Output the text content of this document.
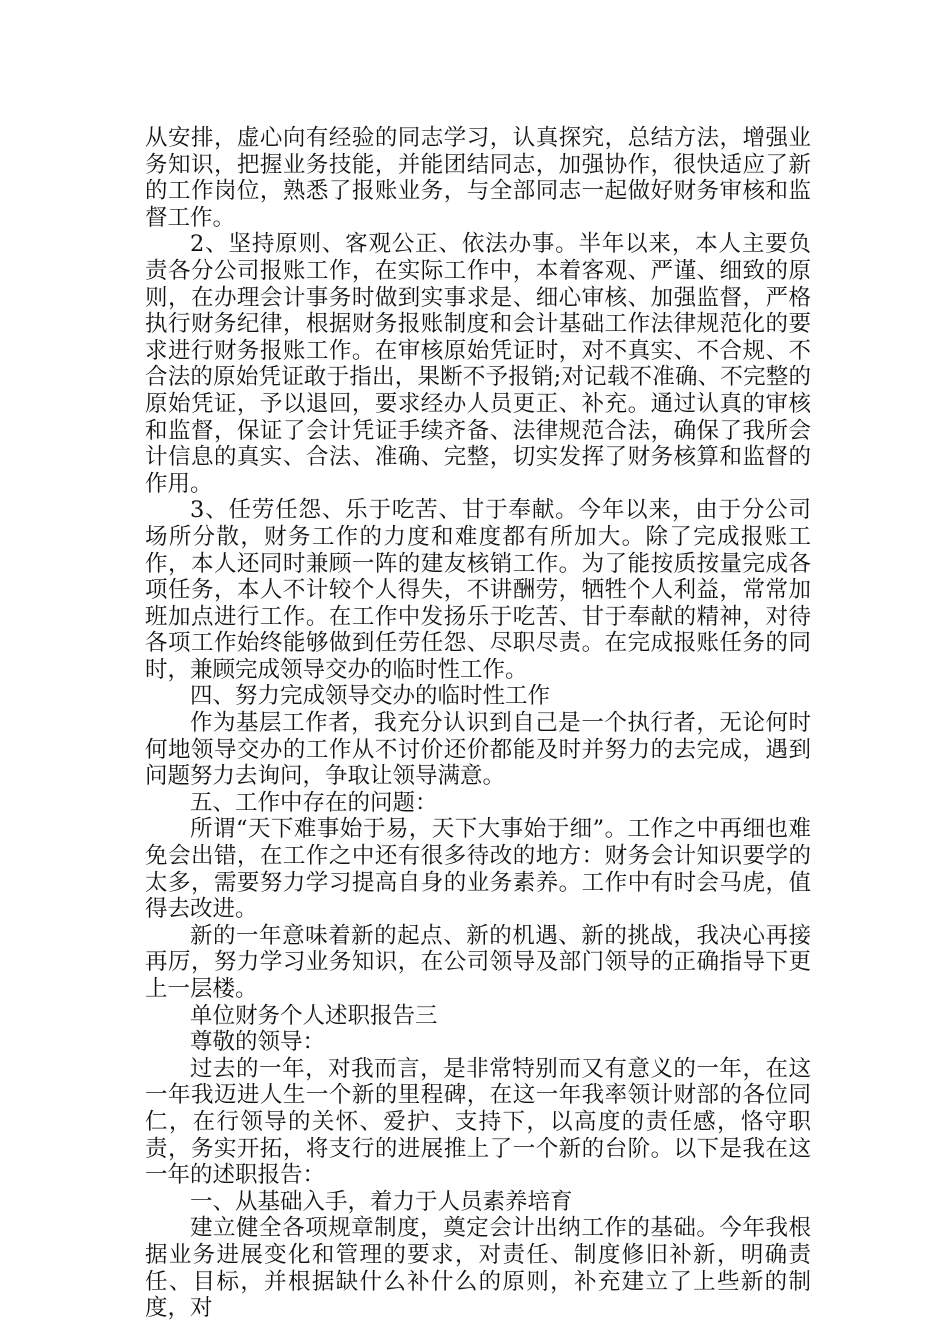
从安排，虚心向有经验的同志学习，认真探究，总结方法，增强业务知识，把握业务技能，并能团结同志，加强协作，很快适应了新的工作岗位，熟悉了报账业务，与全部同志一起做好财务审核和监督工作。

2、坚持原则、客观公正、依法办事。半年以来，本人主要负责各分公司报账工作，在实际工作中，本着客观、严谨、细致的原则，在办理会计事务时做到实事求是、细心审核、加强监督，严格执行财务纪律，根据财务报账制度和会计基础工作法律规范化的要求进行财务报账工作。在审核原始凭证时，对不真实、不合规、不合法的原始凭证敢于指出，果断不予报销;对记载不准确、不完整的原始凭证，予以退回，要求经办人员更正、补充。通过认真的审核和监督，保证了会计凭证手续齐备、法律规范合法，确保了我所会计信息的真实、合法、准确、完整，切实发挥了财务核算和监督的作用。

3、任劳任怨、乐于吃苦、甘于奉献。今年以来，由于分公司场所分散，财务工作的力度和难度都有所加大。除了完成报账工作，本人还同时兼顾一阵的建友核销工作。为了能按质按量完成各项任务，本人不计较个人得失，不讲酬劳，牺牲个人利益，常常加班加点进行工作。在工作中发扬乐于吃苦、甘于奉献的精神，对待各项工作始终能够做到任劳任怨、尽职尽责。在完成报账任务的同时，兼顾完成领导交办的临时性工作。

四、努力完成领导交办的临时性工作

作为基层工作者，我充分认识到自己是一个执行者，无论何时何地领导交办的工作从不讨价还价都能及时并努力的去完成，遇到问题努力去询问，争取让领导满意。

五、工作中存在的问题：

所谓“天下难事始于易，天下大事始于细”。工作之中再细也难免会出错，在工作之中还有很多待改的地方：财务会计知识要学的太多，需要努力学习提高自身的业务素养。工作中有时会马虎，值得去改进。

新的一年意味着新的起点、新的机遇、新的挑战，我决心再接再厉，努力学习业务知识，在公司领导及部门领导的正确指导下更上一层楼。

单位财务个人述职报告三

尊敬的领导：

过去的一年，对我而言，是非常特别而又有意义的一年，在这一年我迈进人生一个新的里程碑，在这一年我率领计财部的各位同仁，在行领导的关怀、爱护、支持下，以高度的责任感，恪守职责，务实开拓，将支行的进展推上了一个新的台阶。以下是我在这一年的述职报告：

一、从基础入手，着力于人员素养培育

建立健全各项规章制度，奠定会计出纳工作的基础。今年我根据业务进展变化和管理的要求，对责任、制度修旧补新，明确责任、目标，并根据缺什么补什么的原则，补充建立了上些新的制度，对
